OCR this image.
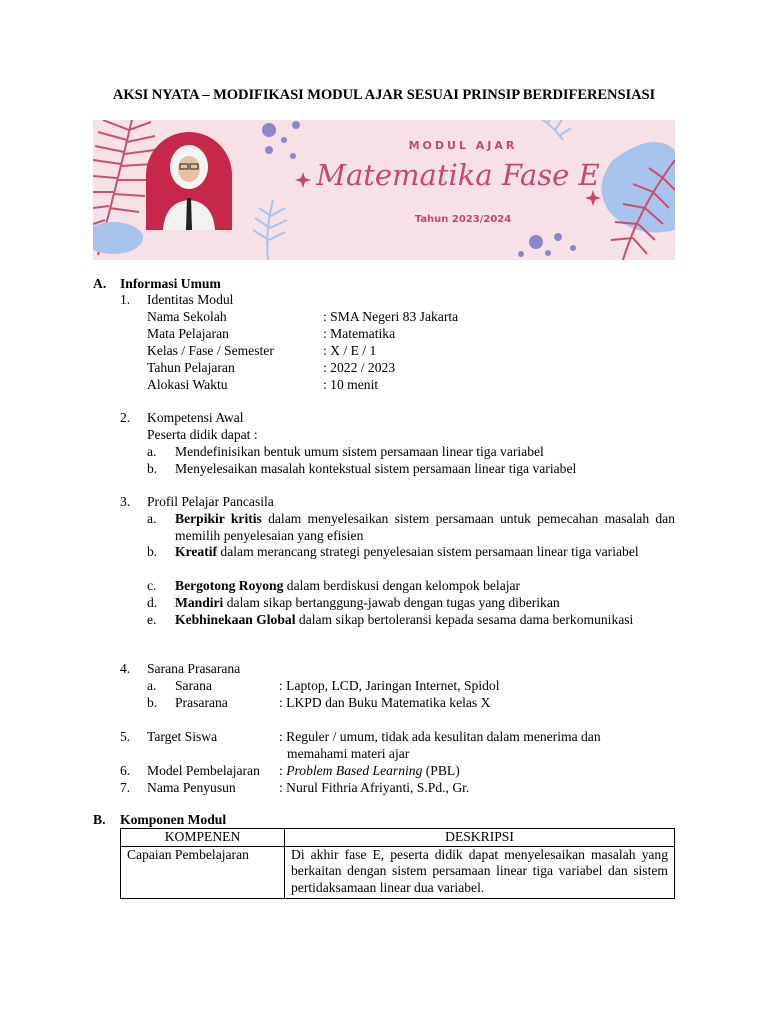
AKSI NYATA – MODIFIKASI MODUL AJAR SESUAI PRINSIP BERDIFERENSIASI
MODUL AJAR
Matematika Fase E
Tahun 2023/2024
A. Informasi Umum
1. Identitas Modul
Nama Sekolah	: SMA Negeri 83 Jakarta
Mata Pelajaran	: Matematika
Kelas / Fase / Semester	: X / E / 1
Tahun Pelajaran	: 2022 / 2023
Alokasi Waktu	: 10 menit
2. Kompetensi Awal
Peserta didik dapat :
a. Mendefinisikan bentuk umum sistem persamaan linear tiga variabel
b. Menyelesaikan masalah kontekstual sistem persamaan linear tiga variabel
3. Profil Pelajar Pancasila
a. Berpikir kritis dalam menyelesaikan sistem persamaan untuk pemecahan masalah dan memilih penyelesaian yang efisien
b. Kreatif dalam merancang strategi penyelesaian sistem persamaan linear tiga variabel
c. Bergotong Royong dalam berdiskusi dengan kelompok belajar
d. Mandiri dalam sikap bertanggung-jawab dengan tugas yang diberikan
e. Kebhinekaan Global dalam sikap bertoleransi kepada sesama dama berkomunikasi
4. Sarana Prasarana
a. Sarana	: Laptop, LCD, Jaringan Internet, Spidol
b. Prasarana	: LKPD dan Buku Matematika kelas X
5. Target Siswa	: Reguler / umum, tidak ada kesulitan dalam menerima dan
memahami materi ajar
6. Model Pembelajaran : Problem Based Learning (PBL)
7. Nama Penyusun	: Nurul Fithria Afriyanti, S.Pd., Gr.
B. Komponen Modul
KOMPENEN	DESKRIPSI
Capaian Pembelajaran	Di akhir fase E, peserta didik dapat menyelesaikan masalah yang berkaitan dengan sistem persamaan linear tiga variabel dan sistem pertidaksamaan linear dua variabel.
